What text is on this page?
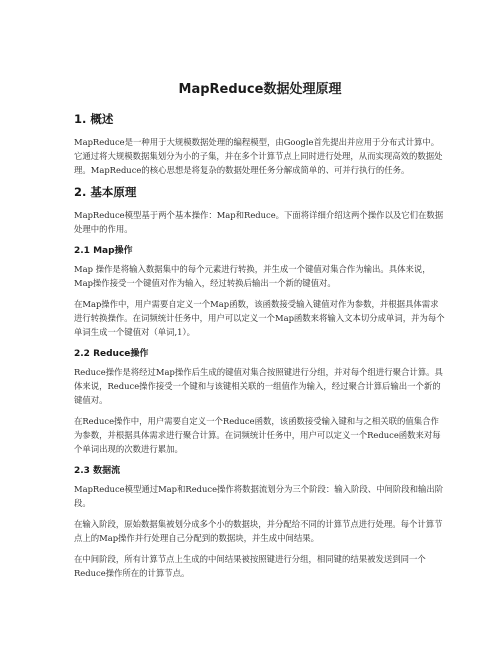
MapReduce数据处理原理
1. 概述

MapReduce是一种用于大规模数据处理的编程模型，由Google首先提出并应用于分布式计算中。它通过将大规模数据集划分为小的子集，并在多个计算节点上同时进行处理，从而实现高效的数据处理。MapReduce的核心思想是将复杂的数据处理任务分解成简单的、可并行执行的任务。

2. 基本原理

MapReduce模型基于两个基本操作：Map和Reduce。下面将详细介绍这两个操作以及它们在数据处理中的作用。

2.1 Map操作

Map 操作是将输入数据集中的每个元素进行转换，并生成一个键值对集合作为输出。具体来说，Map操作接受一个键值对作为输入，经过转换后输出一个新的键值对。

在Map操作中，用户需要自定义一个Map函数，该函数接受输入键值对作为参数，并根据具体需求进行转换操作。在词频统计任务中，用户可以定义一个Map函数来将输入文本切分成单词，并为每个单词生成一个键值对（单词,1）。

2.2 Reduce操作

Reduce操作是将经过Map操作后生成的键值对集合按照键进行分组，并对每个组进行聚合计算。具体来说，Reduce操作接受一个键和与该键相关联的一组值作为输入，经过聚合计算后输出一个新的键值对。

在Reduce操作中，用户需要自定义一个Reduce函数，该函数接受输入键和与之相关联的值集合作为参数，并根据具体需求进行聚合计算。在词频统计任务中，用户可以定义一个Reduce函数来对每个单词出现的次数进行累加。

2.3 数据流

MapReduce模型通过Map和Reduce操作将数据流划分为三个阶段：输入阶段、中间阶段和输出阶段。

在输入阶段，原始数据集被划分成多个小的数据块，并分配给不同的计算节点进行处理。每个计算节点上的Map操作并行处理自己分配到的数据块，并生成中间结果。

在中间阶段，所有计算节点上生成的中间结果被按照键进行分组，相同键的结果被发送到同一个Reduce操作所在的计算节点。
